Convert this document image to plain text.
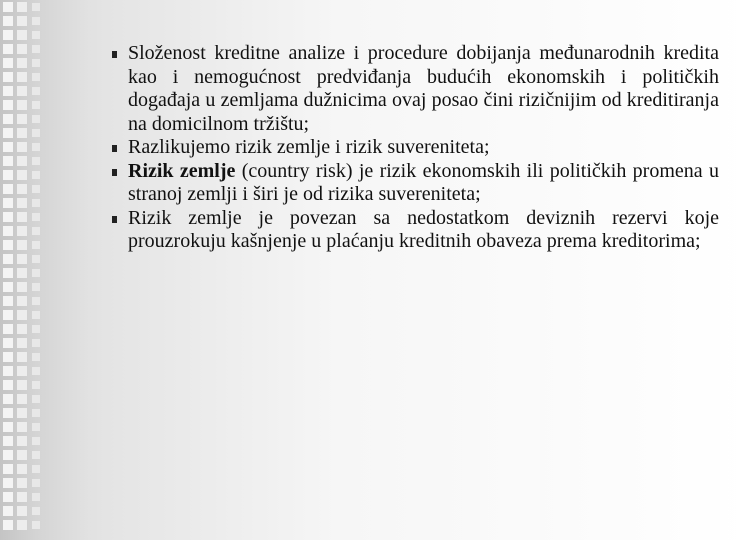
Složenost kreditne analize i procedure dobijanja međunarodnih kredita kao i nemogućnost predviđanja budućih ekonomskih i političkih događaja u zemljama dužnicima ovaj posao čini rizičnijim od kreditiranja na domicilnom tržištu;
Razlikujemo rizik zemlje i rizik suvereniteta;
Rizik zemlje (country risk) je rizik ekonomskih ili političkih promena u stranoj zemlji i širi je od rizika suvereniteta;
Rizik zemlje je povezan sa nedostatkom deviznih rezervi koje prouzrokuju kašnjenje u plaćanju kreditnih obaveza prema kreditorima;
